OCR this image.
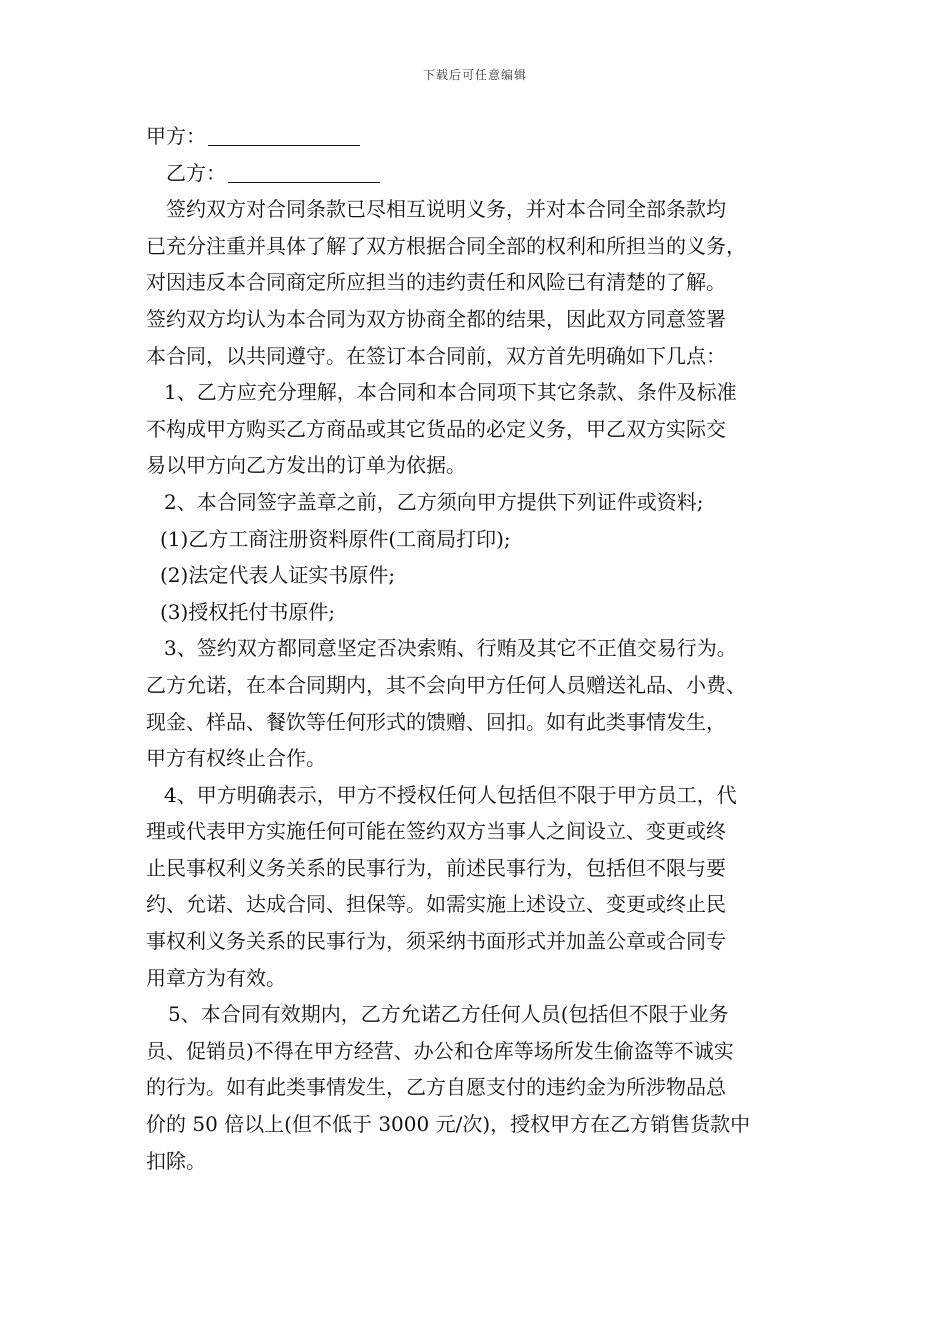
下载后可任意编辑
甲方：
乙方：
签约双方对合同条款已尽相互说明义务，并对本合同全部条款均
已充分注重并具体了解了双方根据合同全部的权利和所担当的义务，
对因违反本合同商定所应担当的违约责任和风险已有清楚的了解。
签约双方均认为本合同为双方协商全都的结果，因此双方同意签署
本合同，以共同遵守。在签订本合同前，双方首先明确如下几点：
1、乙方应充分理解，本合同和本合同项下其它条款、条件及标准
不构成甲方购买乙方商品或其它货品的必定义务，甲乙双方实际交
易以甲方向乙方发出的订单为依据。
2、本合同签字盖章之前，乙方须向甲方提供下列证件或资料;
(1)乙方工商注册资料原件(工商局打印);
(2)法定代表人证实书原件;
(3)授权托付书原件;
3、签约双方都同意坚定否决索贿、行贿及其它不正值交易行为。
乙方允诺，在本合同期内，其不会向甲方任何人员赠送礼品、小费、
现金、样品、餐饮等任何形式的馈赠、回扣。如有此类事情发生，
甲方有权终止合作。
4、甲方明确表示，甲方不授权任何人包括但不限于甲方员工，代
理或代表甲方实施任何可能在签约双方当事人之间设立、变更或终
止民事权利义务关系的民事行为，前述民事行为，包括但不限与要
约、允诺、达成合同、担保等。如需实施上述设立、变更或终止民
事权利义务关系的民事行为，须采纳书面形式并加盖公章或合同专
用章方为有效。
5、本合同有效期内，乙方允诺乙方任何人员(包括但不限于业务
员、促销员)不得在甲方经营、办公和仓库等场所发生偷盗等不诚实
的行为。如有此类事情发生，乙方自愿支付的违约金为所涉物品总
价的 50 倍以上(但不低于 3000 元/次)，授权甲方在乙方销售货款中
扣除。
